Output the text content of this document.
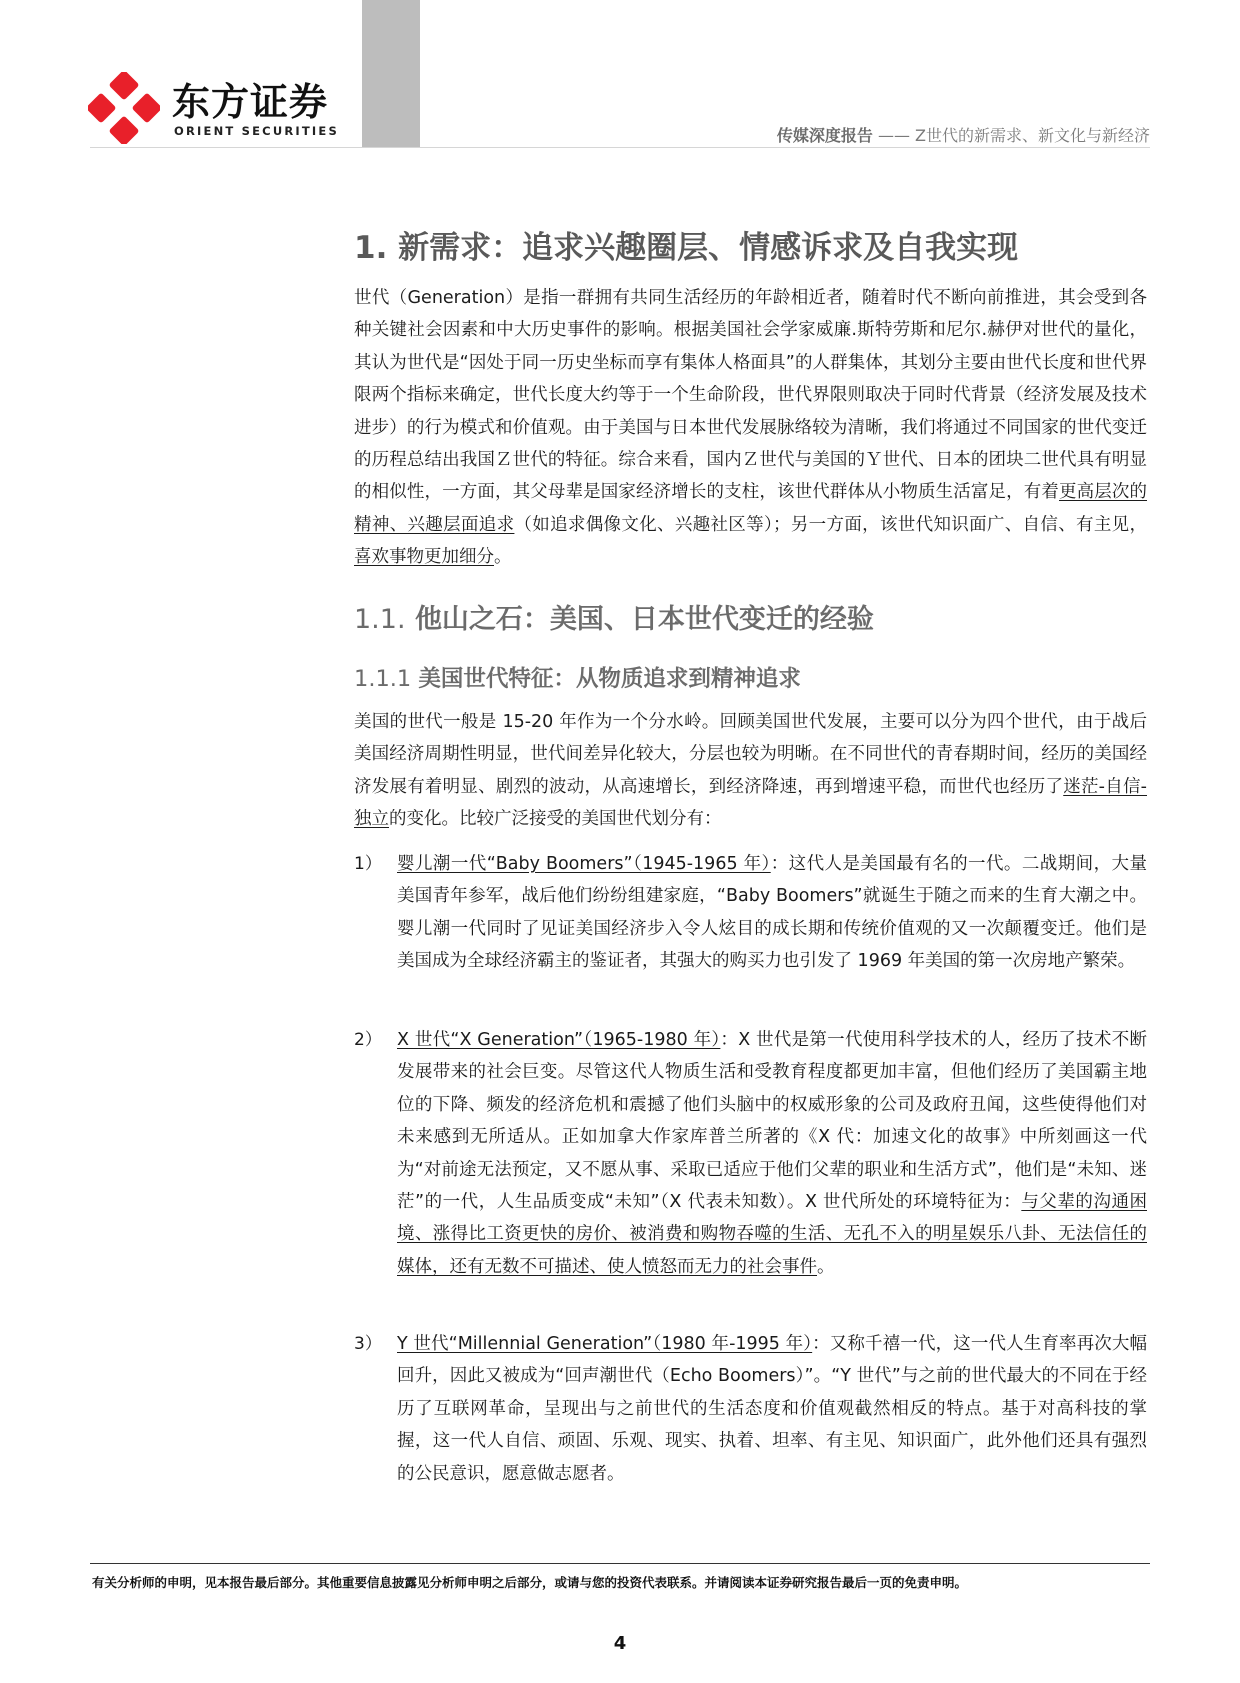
东方证券
ORIENT SECURITIES	传媒深度报告 —— Z世代的新需求、新文化与新经济
1. 新需求：追求兴趣圈层、情感诉求及自我实现
世代（Generation）是指一群拥有共同生活经历的年龄相近者，随着时代不断向前推进，其会受到各种关键社会因素和中大历史事件的影响。根据美国社会学家威廉.斯特劳斯和尼尔.赫伊对世代的量化，其认为世代是“因处于同一历史坐标而享有集体人格面具”的人群集体，其划分主要由世代长度和世代界限两个指标来确定，世代长度大约等于一个生命阶段，世代界限则取决于同时代背景（经济发展及技术进步）的行为模式和价值观。由于美国与日本世代发展脉络较为清晰，我们将通过不同国家的世代变迁的历程总结出我国Ｚ世代的特征。综合来看，国内Ｚ世代与美国的Ｙ世代、日本的团块二世代具有明显的相似性，一方面，其父母辈是国家经济增长的支柱，该世代群体从小物质生活富足，有着更高层次的精神、兴趣层面追求（如追求偶像文化、兴趣社区等）；另一方面，该世代知识面广、自信、有主见，喜欢事物更加细分。
1.1. 他山之石：美国、日本世代变迁的经验
1.1.1 美国世代特征：从物质追求到精神追求
美国的世代一般是 15-20 年作为一个分水岭。回顾美国世代发展，主要可以分为四个世代，由于战后美国经济周期性明显，世代间差异化较大，分层也较为明晰。在不同世代的青春期时间，经历的美国经济发展有着明显、剧烈的波动，从高速增长，到经济降速，再到增速平稳，而世代也经历了迷茫-自信-独立的变化。比较广泛接受的美国世代划分有：
1） 婴儿潮一代“Baby Boomers”（1945-1965 年）：这代人是美国最有名的一代。二战期间，大量美国青年参军，战后他们纷纷组建家庭，“Baby Boomers”就诞生于随之而来的生育大潮之中。婴儿潮一代同时了见证美国经济步入令人炫目的成长期和传统价值观的又一次颠覆变迁。他们是美国成为全球经济霸主的鉴证者，其强大的购买力也引发了 1969 年美国的第一次房地产繁荣。
2） X 世代“X Generation”（1965-1980 年）：X 世代是第一代使用科学技术的人，经历了技术不断发展带来的社会巨变。尽管这代人物质生活和受教育程度都更加丰富，但他们经历了美国霸主地位的下降、频发的经济危机和震撼了他们头脑中的权威形象的公司及政府丑闻，这些使得他们对未来感到无所适从。正如加拿大作家库普兰所著的《X 代：加速文化的故事》中所刻画这一代为“对前途无法预定，又不愿从事、采取已适应于他们父辈的职业和生活方式”，他们是“未知、迷茫”的一代，人生品质变成“未知”（X 代表未知数）。X 世代所处的环境特征为：与父辈的沟通困境、涨得比工资更快的房价、被消费和购物吞噬的生活、无孔不入的明星娱乐八卦、无法信任的媒体，还有无数不可描述、使人愤怒而无力的社会事件。
3） Y 世代“Millennial Generation”（1980 年-1995 年）：又称千禧一代，这一代人生育率再次大幅回升，因此又被成为“回声潮世代（Echo Boomers）”。“Y 世代”与之前的世代最大的不同在于经历了互联网革命，呈现出与之前世代的生活态度和价值观截然相反的特点。基于对高科技的掌握，这一代人自信、顽固、乐观、现实、执着、坦率、有主见、知识面广，此外他们还具有强烈的公民意识，愿意做志愿者。
有关分析师的申明，见本报告最后部分。其他重要信息披露见分析师申明之后部分，或请与您的投资代表联系。并请阅读本证券研究报告最后一页的免责申明。
4
